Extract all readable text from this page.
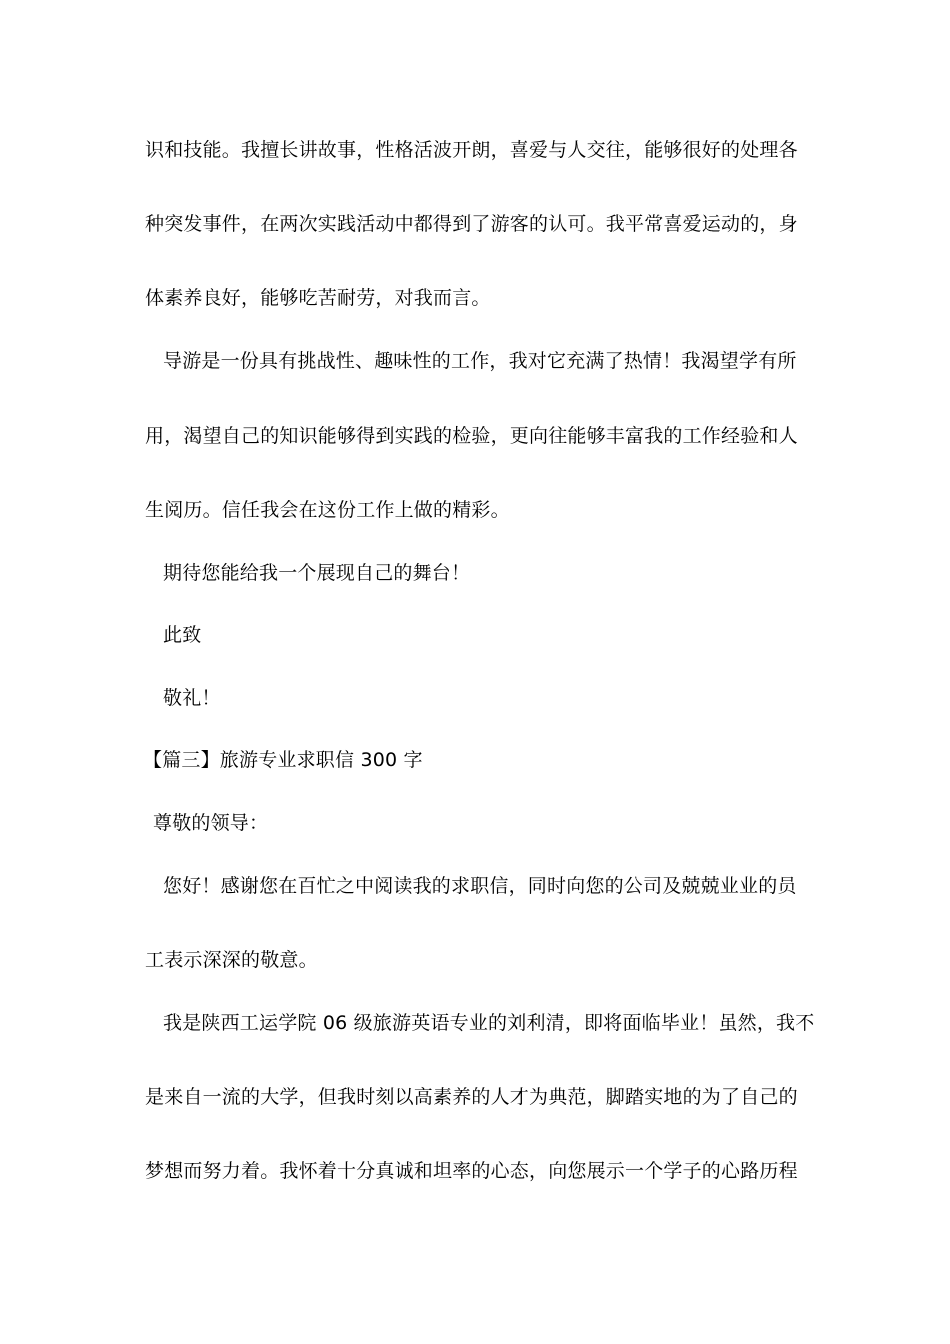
识和技能。我擅长讲故事，性格活波开朗，喜爱与人交往，能够很好的处理各
种突发事件，在两次实践活动中都得到了游客的认可。我平常喜爱运动的，身
体素养良好，能够吃苦耐劳，对我而言。
导游是一份具有挑战性、趣味性的工作，我对它充满了热情！我渴望学有所
用，渴望自己的知识能够得到实践的检验，更向往能够丰富我的工作经验和人
生阅历。信任我会在这份工作上做的精彩。
期待您能给我一个展现自己的舞台！
此致
敬礼！
【篇三】旅游专业求职信 300 字
尊敬的领导：
您好！感谢您在百忙之中阅读我的求职信，同时向您的公司及兢兢业业的员
工表示深深的敬意。
我是陕西工运学院 06 级旅游英语专业的刘利清，即将面临毕业！虽然，我不
是来自一流的大学，但我时刻以高素养的人才为典范，脚踏实地的为了自己的
梦想而努力着。我怀着十分真诚和坦率的心态，向您展示一个学子的心路历程
